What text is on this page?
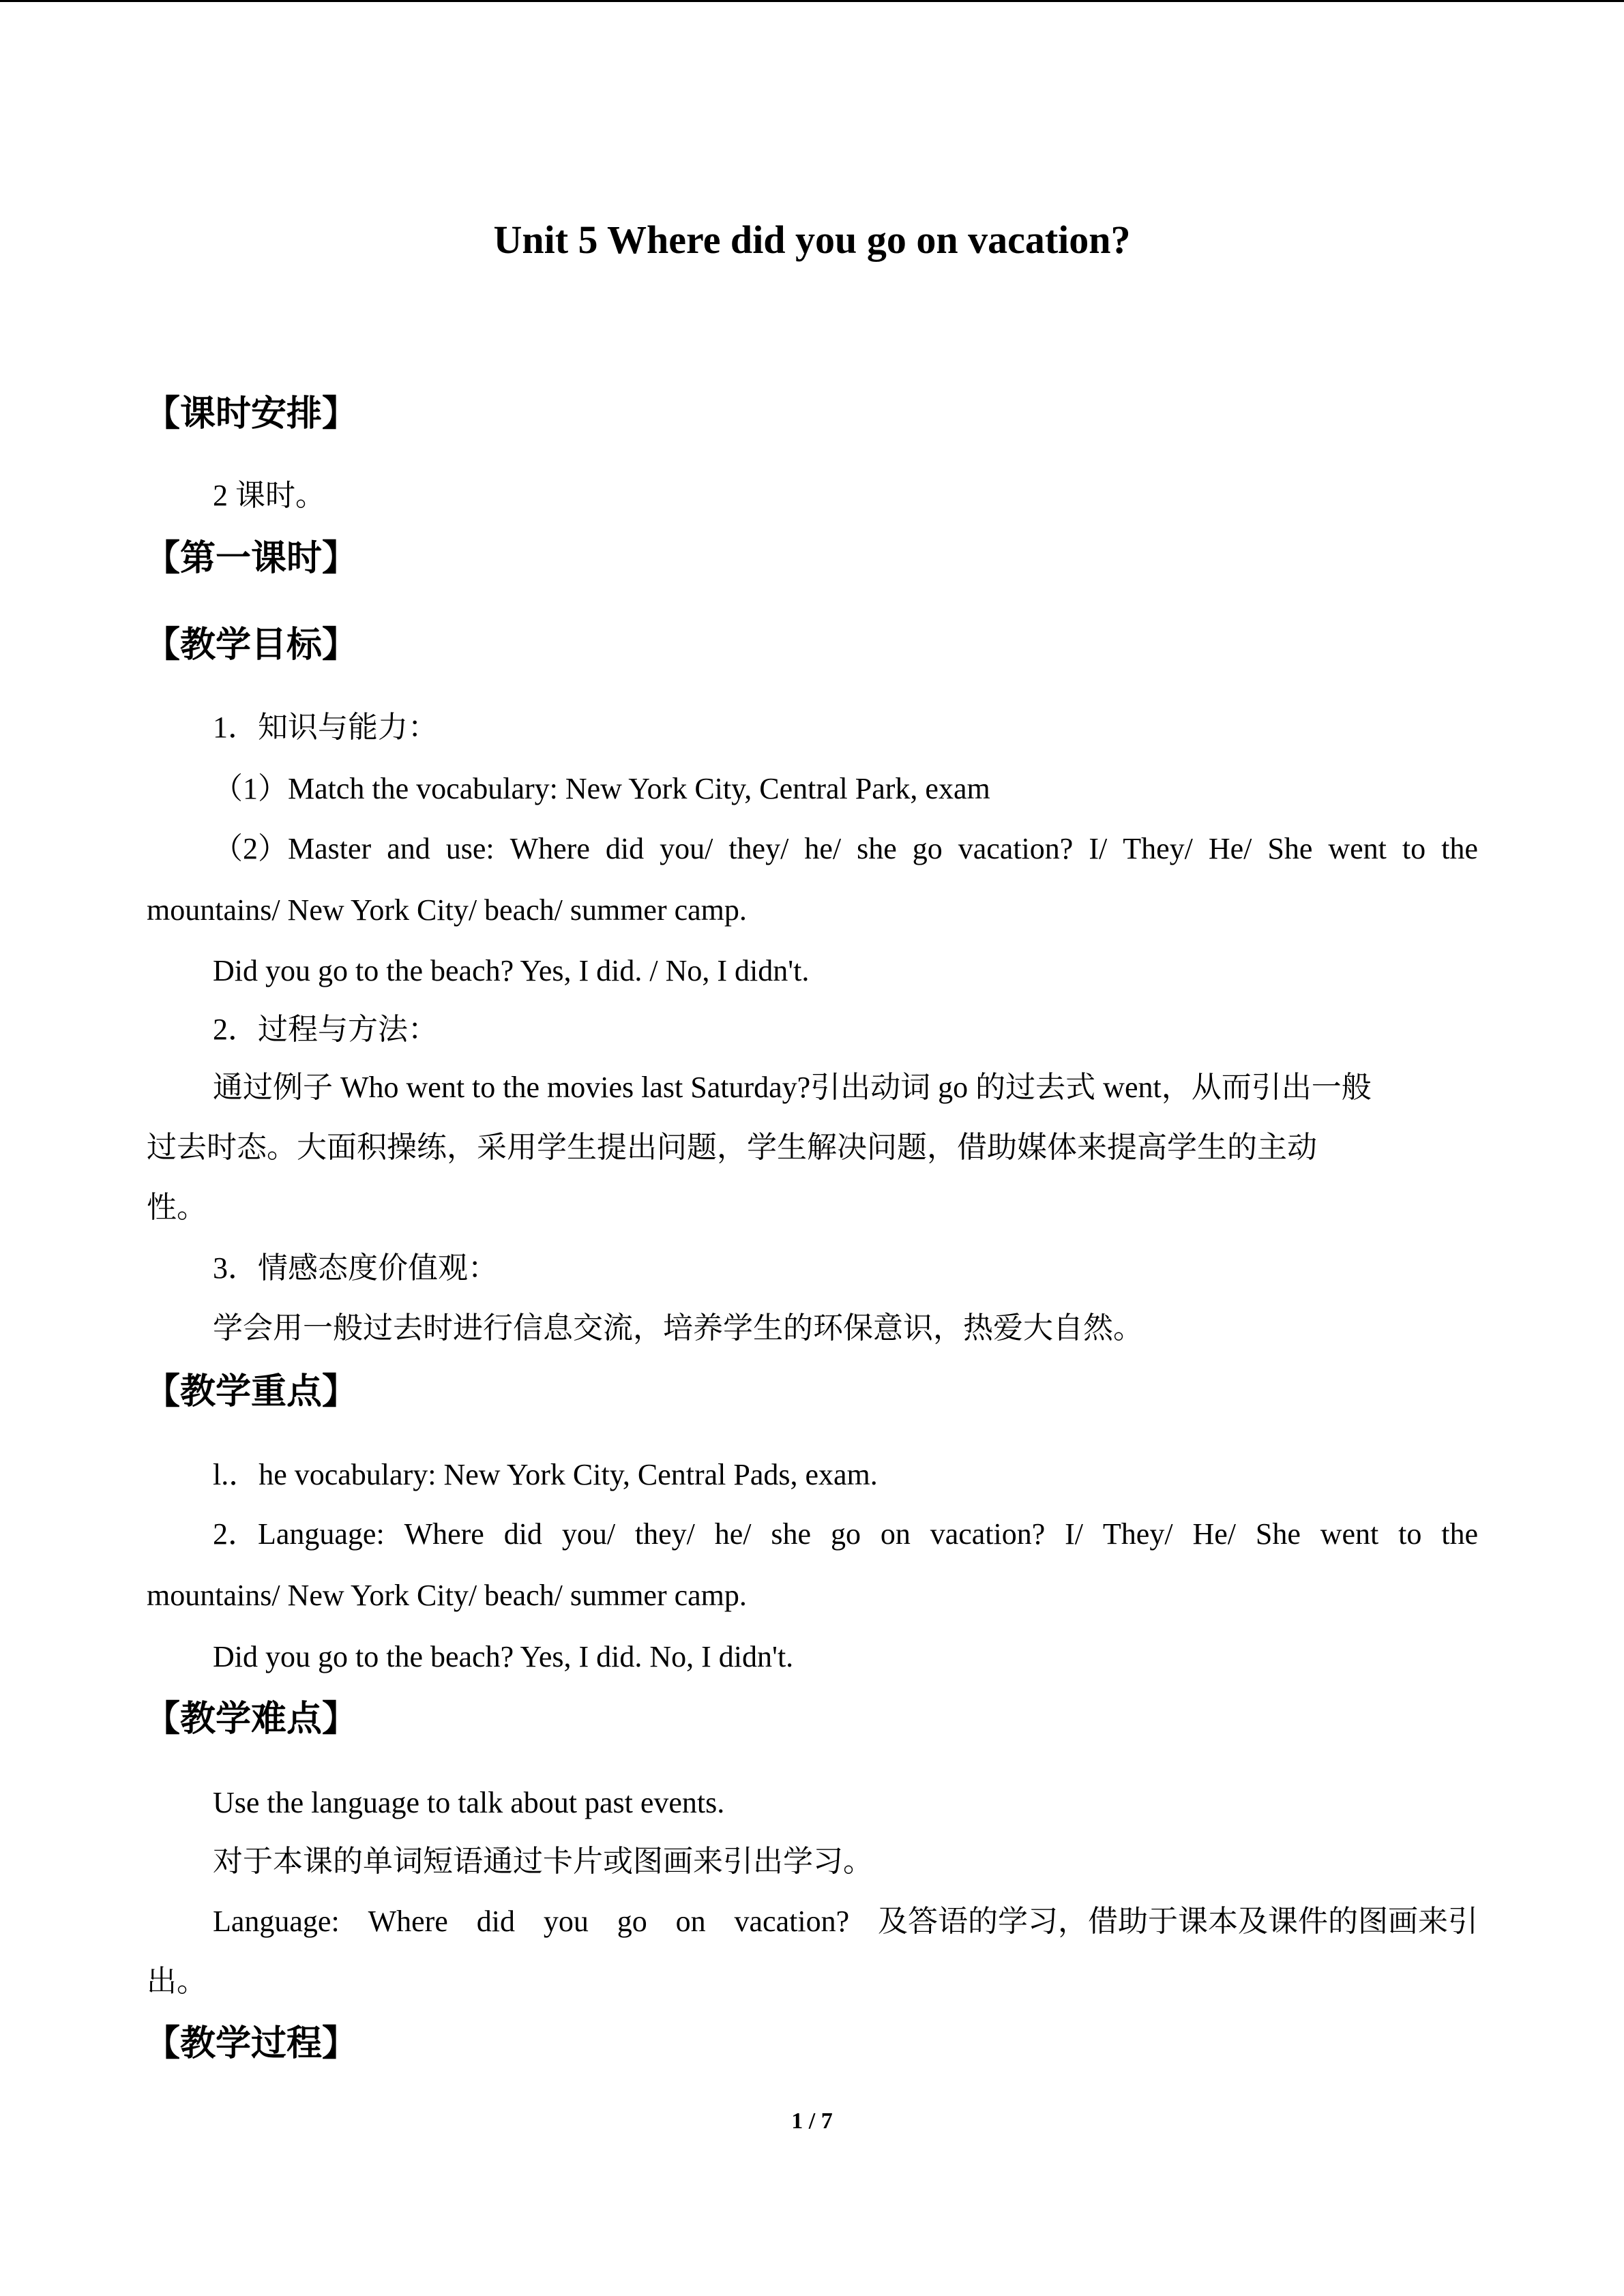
Unit 5 Where did you go on vacation?
【课时安排】
2 课时。
【第一课时】
【教学目标】
1．知识与能力：
（1）Match the vocabulary: New York City, Central Park, exam
（2）Master and use: Where did you/ they/ he/ she go vacation? I/ They/ He/ She went to the
mountains/ New York City/ beach/ summer camp.
Did you go to the beach? Yes, I did. / No, I didn't.
2．过程与方法：
通过例子 Who went to the movies last Saturday?引出动词 go 的过去式 went，从而引出一般
过去时态。大面积操练，采用学生提出问题，学生解决问题，借助媒体来提高学生的主动
性。
3．情感态度价值观：
学会用一般过去时进行信息交流，培养学生的环保意识，热爱大自然。
【教学重点】
l.．he vocabulary: New York City, Central Pads, exam.
2．Language: Where did you/ they/ he/ she go on vacation? I/ They/ He/ She went to the
mountains/ New York City/ beach/ summer camp.
Did you go to the beach? Yes, I did. No, I didn't.
【教学难点】
Use the language to talk about past events.
对于本课的单词短语通过卡片或图画来引出学习。
Language: Where did you go on vacation? 及答语的学习，借助于课本及课件的图画来引
出。
【教学过程】
1 / 7
